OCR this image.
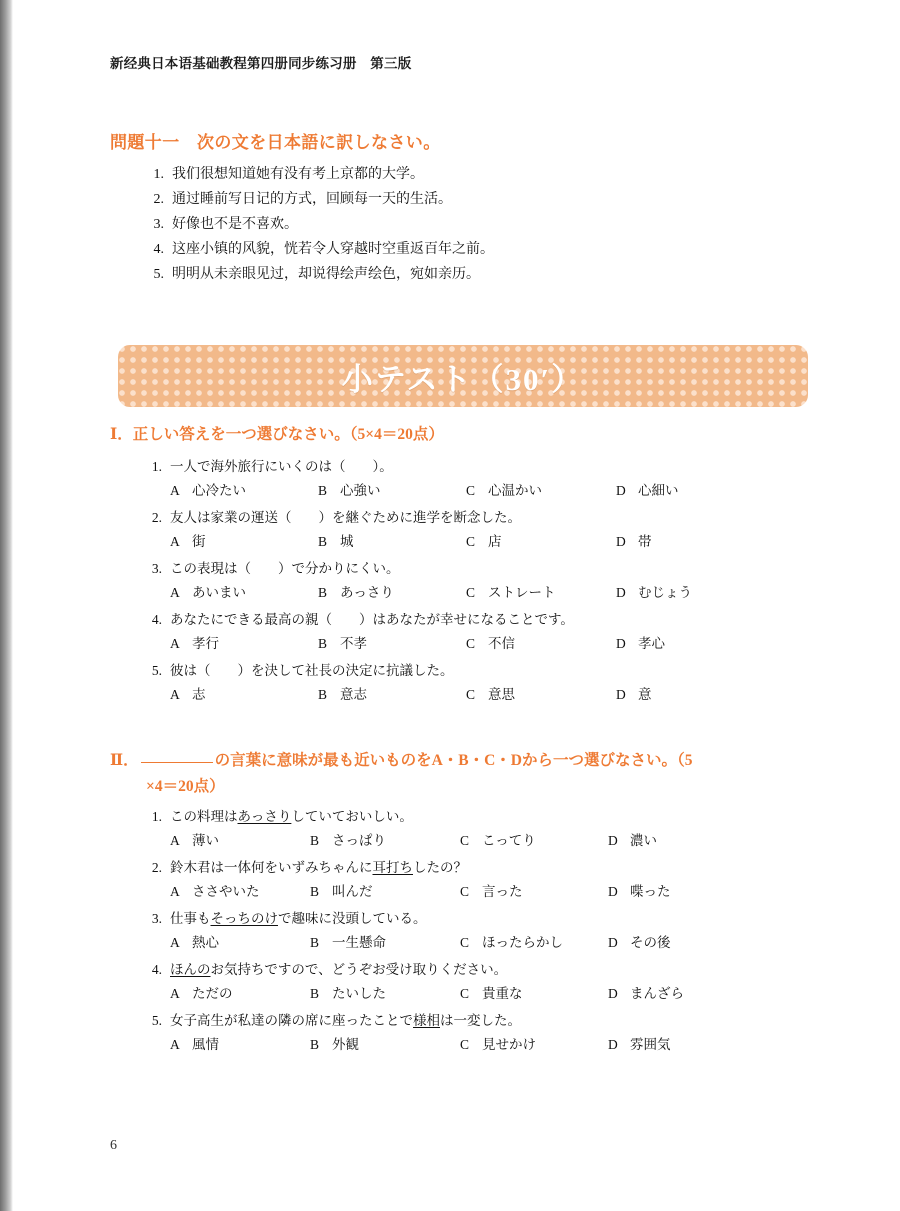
新经典日本语基础教程第四册同步练习册　第三版
問題十一　次の文を日本語に訳しなさい。
1. 我们很想知道她有没有考上京都的大学。
2. 通过睡前写日记的方式，回顾每一天的生活。
3. 好像也不是不喜欢。
4. 这座小镇的风貌，恍若令人穿越时空重返百年之前。
5. 明明从未亲眼见过，却说得绘声绘色，宛如亲历。
小テスト（30′）
Ⅰ．正しい答えを一つ選びなさい。（5×4＝20点）
1. 一人で海外旅行にいくのは（　　）。
A 心冷たい	B 心強い	C 心温かい	D 心細い
2. 友人は家業の運送（　　）を継ぐために進学を断念した。
A 街	B 城	C 店	D 帯
3. この表現は（　　）で分かりにくい。
A あいまい	B あっさり	C ストレート	D むじょう
4. あなたにできる最高の親（　　）はあなたが幸せになることです。
A 孝行	B 不孝	C 不信	D 孝心
5. 彼は（　　）を決して社長の決定に抗議した。
A 志	B 意志	C 意思	D 意
Ⅱ．	の言葉に意味が最も近いものをA・B・C・Dから一つ選びなさい。（5
×4＝20点）
1. この料理はあっさりしていておいしい。
A 薄い	B さっぱり	C こってり	D 濃い
2. 鈴木君は一体何をいずみちゃんに耳打ちしたの？
A ささやいた	B 叫んだ	C 言った	D 喋った
3. 仕事もそっちのけで趣味に没頭している。
A 熱心	B 一生懸命	C ほったらかし	D その後
4. ほんのお気持ちですので、どうぞお受け取りください。
A ただの	B たいした	C 貴重な	D まんざら
5. 女子高生が私達の隣の席に座ったことで様相は一変した。
A 風情	B 外観	C 見せかけ	D 雰囲気
6
